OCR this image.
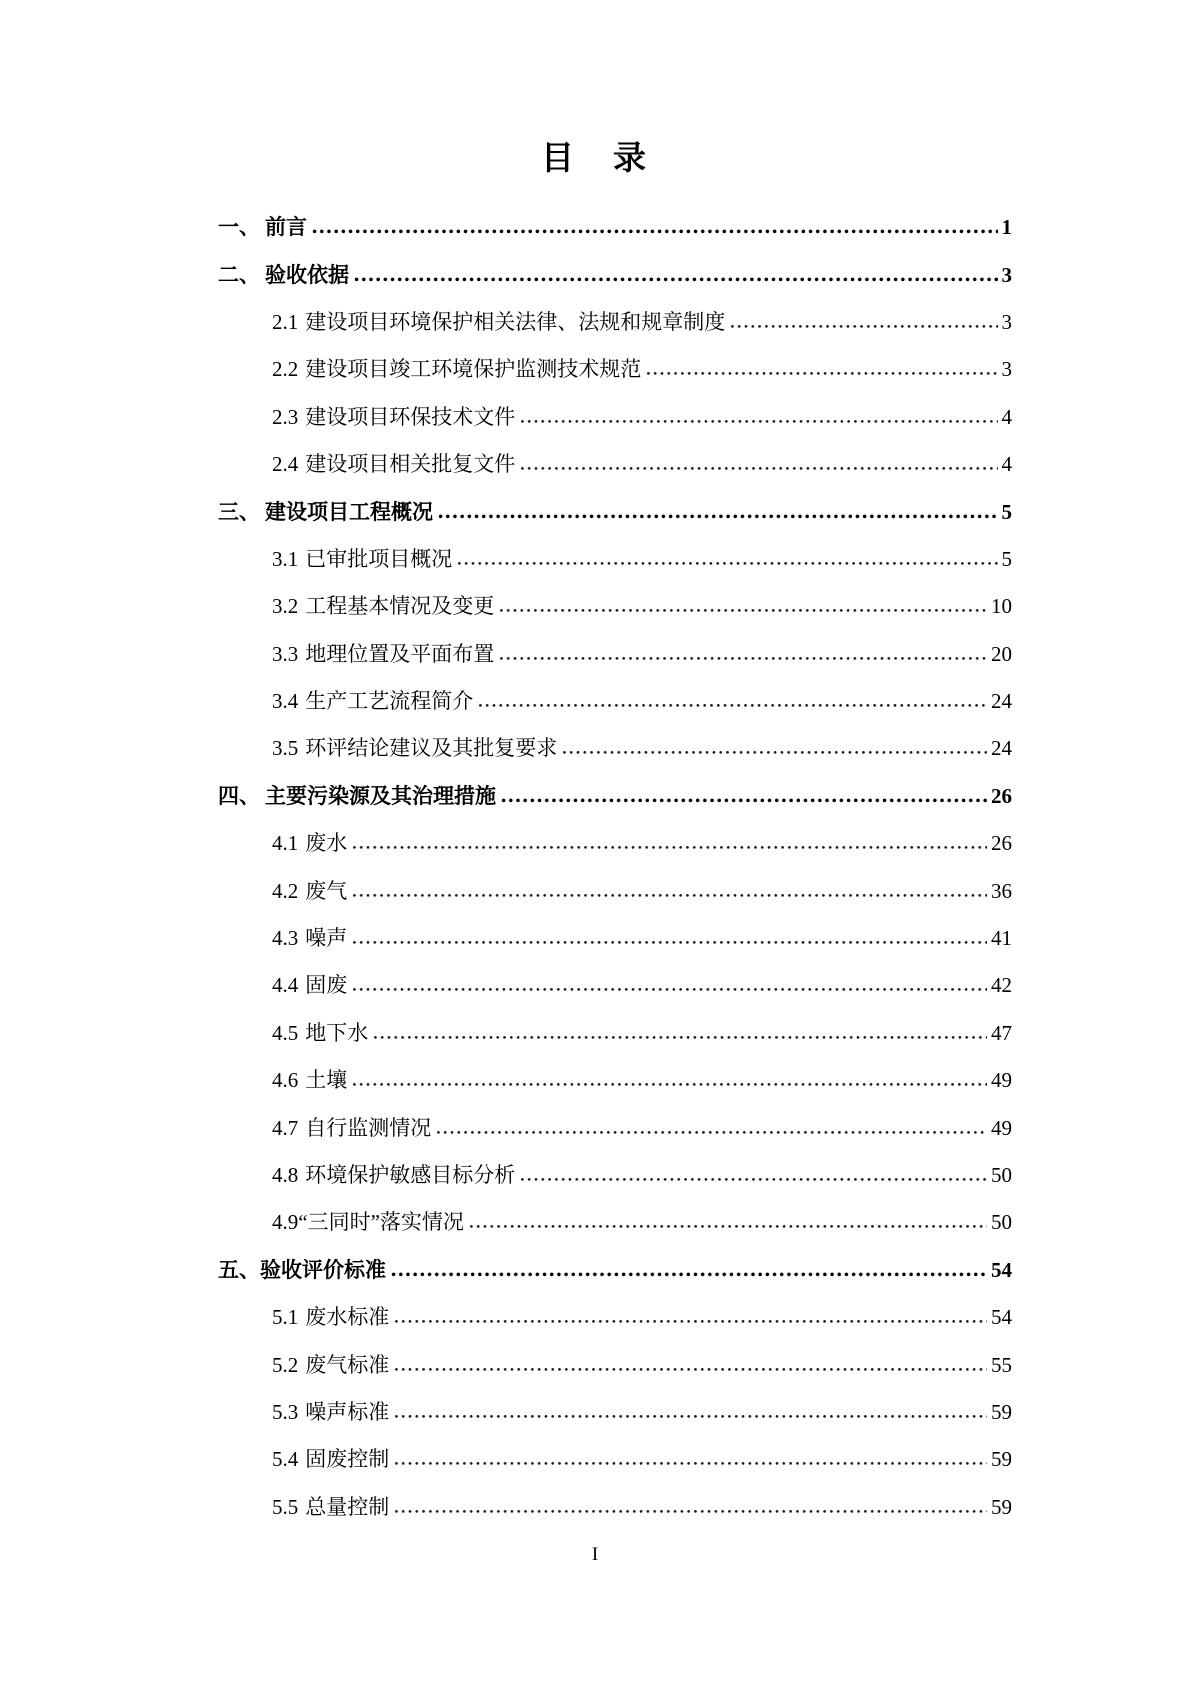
目　录
一、 前言	1
二、 验收依据	3
2.1 建设项目环境保护相关法律、法规和规章制度	3
2.2 建设项目竣工环境保护监测技术规范	3
2.3 建设项目环保技术文件	4
2.4 建设项目相关批复文件	4
三、 建设项目工程概况	5
3.1 已审批项目概况	5
3.2 工程基本情况及变更	10
3.3 地理位置及平面布置	20
3.4 生产工艺流程简介	24
3.5 环评结论建议及其批复要求	24
四、 主要污染源及其治理措施	26
4.1 废水	26
4.2 废气	36
4.3 噪声	41
4.4 固废	42
4.5 地下水	47
4.6 土壤	49
4.7 自行监测情况	49
4.8 环境保护敏感目标分析	50
4.9 “三同时”落实情况	50
五、 验收评价标准	54
5.1 废水标准	54
5.2 废气标准	55
5.3 噪声标准	59
5.4 固废控制	59
5.5 总量控制	59
I
